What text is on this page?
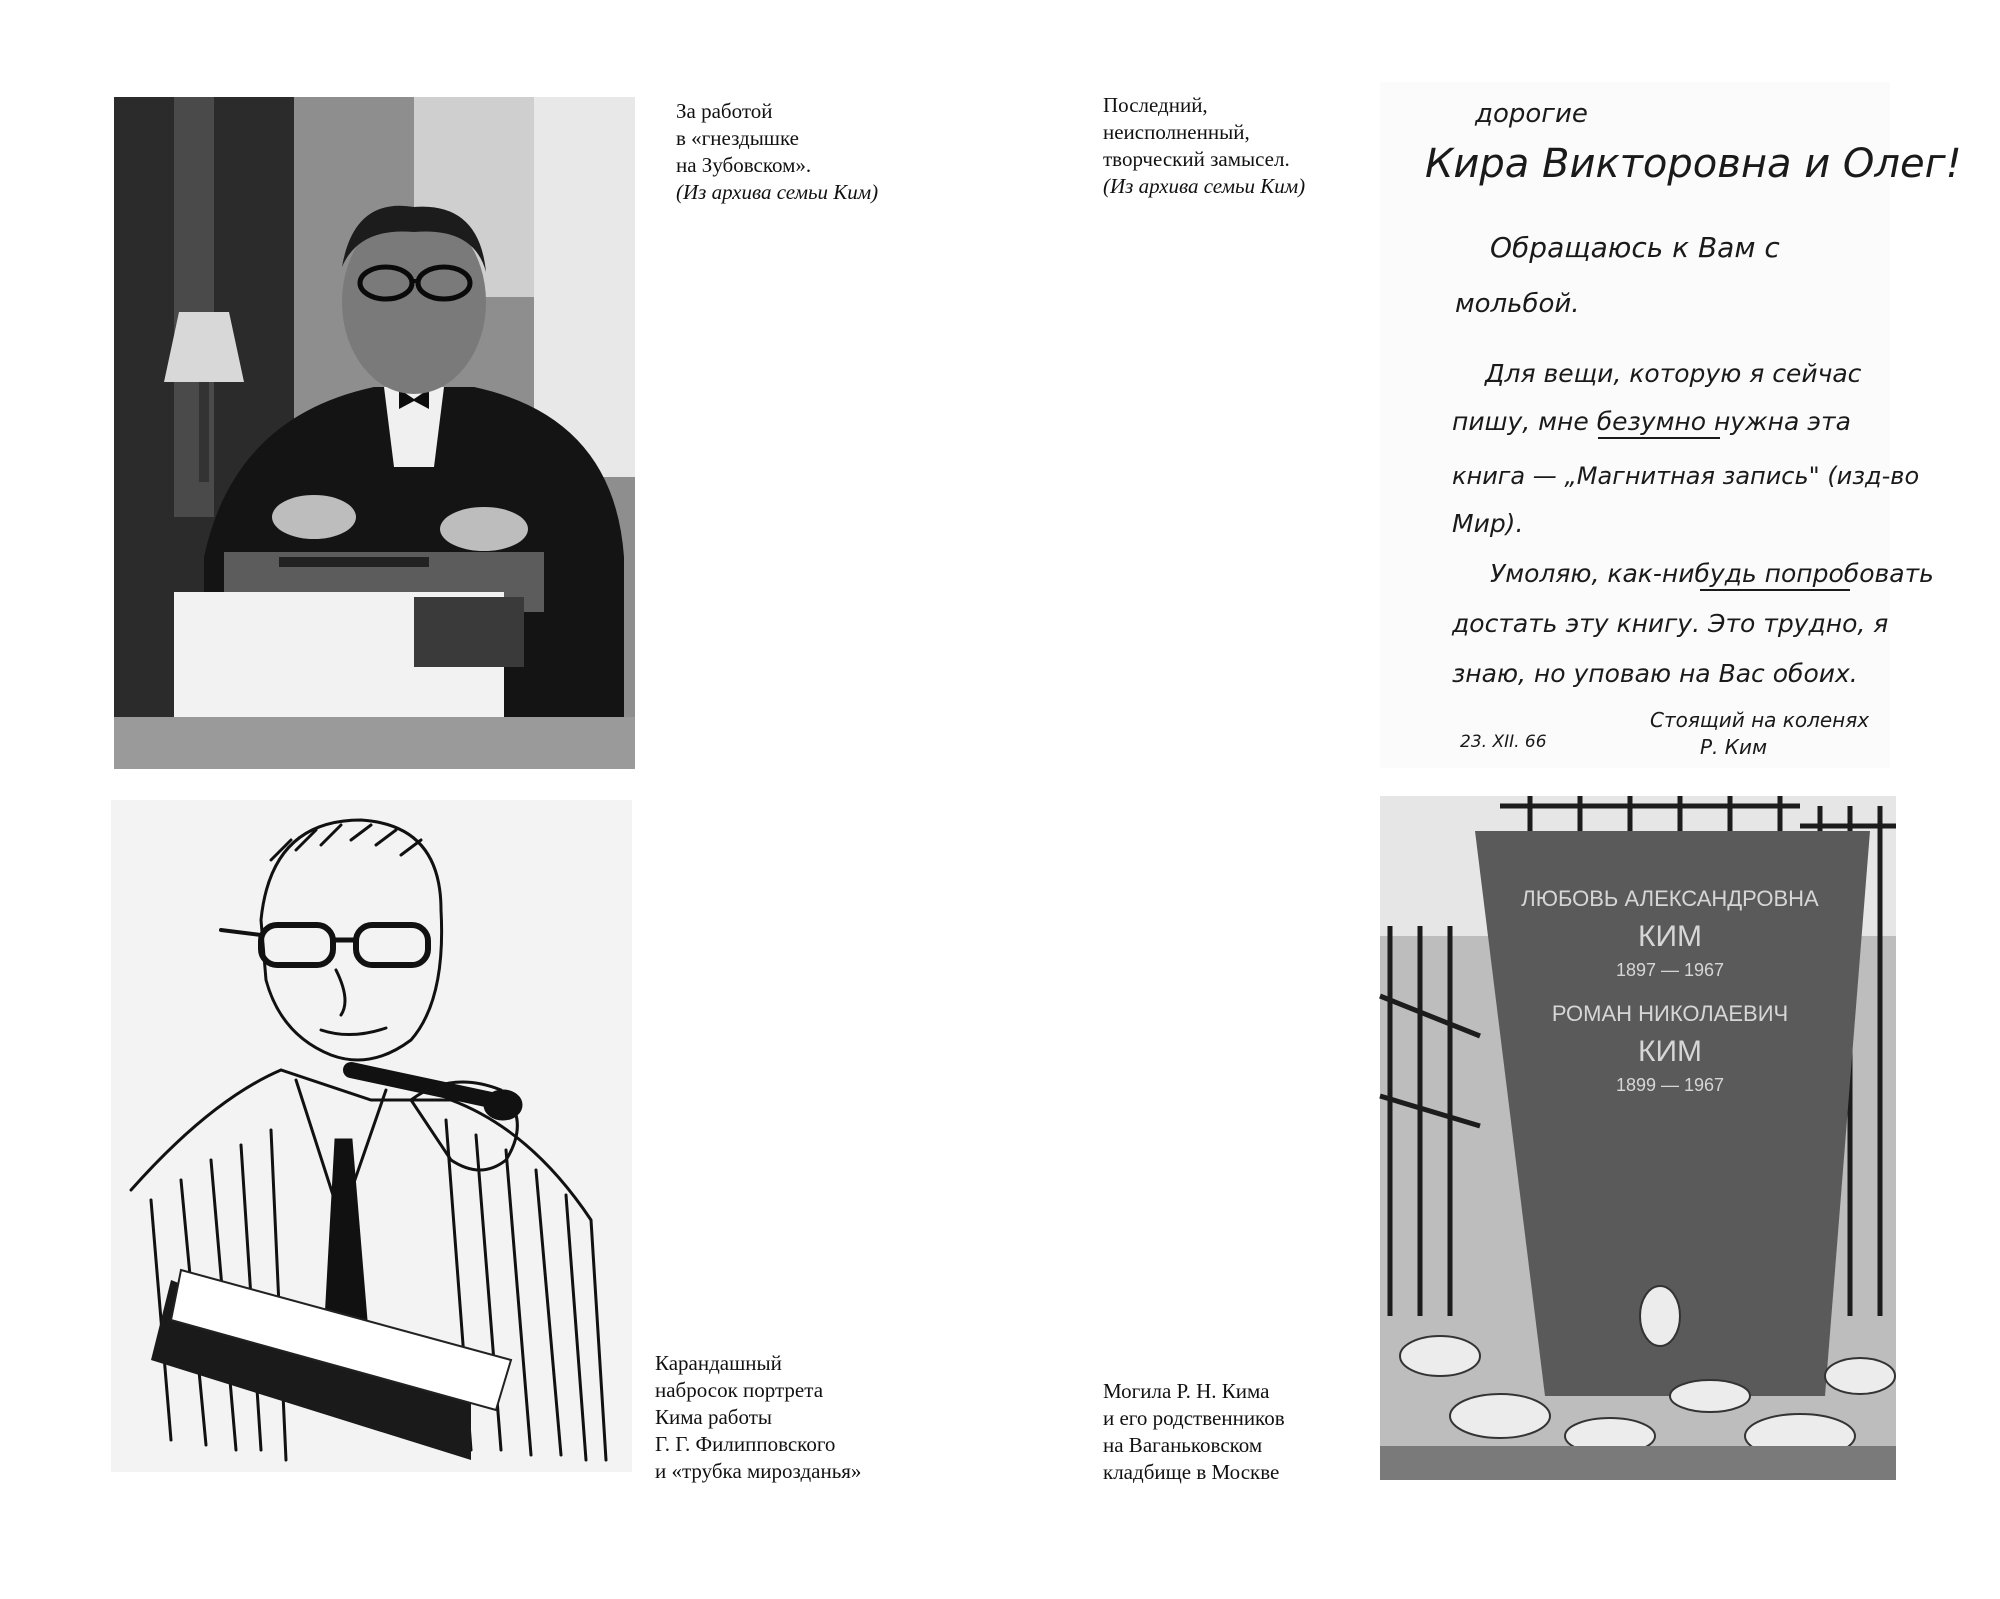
За работой
в «гнездышке
на Зубовском».
(Из архива семьи Ким)
Последний,
неисполненный,
творческий замысел.
(Из архива семьи Ким)
дорогие
Кира Викторовна и Олег!
Обращаюсь к Вам с
мольбой.
Для вещи, которую я сейчас
пишу, мне безумно нужна эта
книга — „Магнитная запись" (изд-во
Мир).
Умоляю, как-нибудь попробовать
достать эту книгу. Это трудно, я
знаю, но уповаю на Вас обоих.
Стоящий на коленях
Р. Ким
23. XII. 66
Карандашный
набросок портрета
Кима работы
Г. Г. Филипповского
и «трубка мирозданья»
Могила Р. Н. Кима
и его родственников
на Ваганьковском
кладбище в Москве
ЛЮБОВЬ АЛЕКСАНДРОВНА
КИМ
1897 — 1967
РОМАН НИКОЛАЕВИЧ
КИМ
1899 — 1967
